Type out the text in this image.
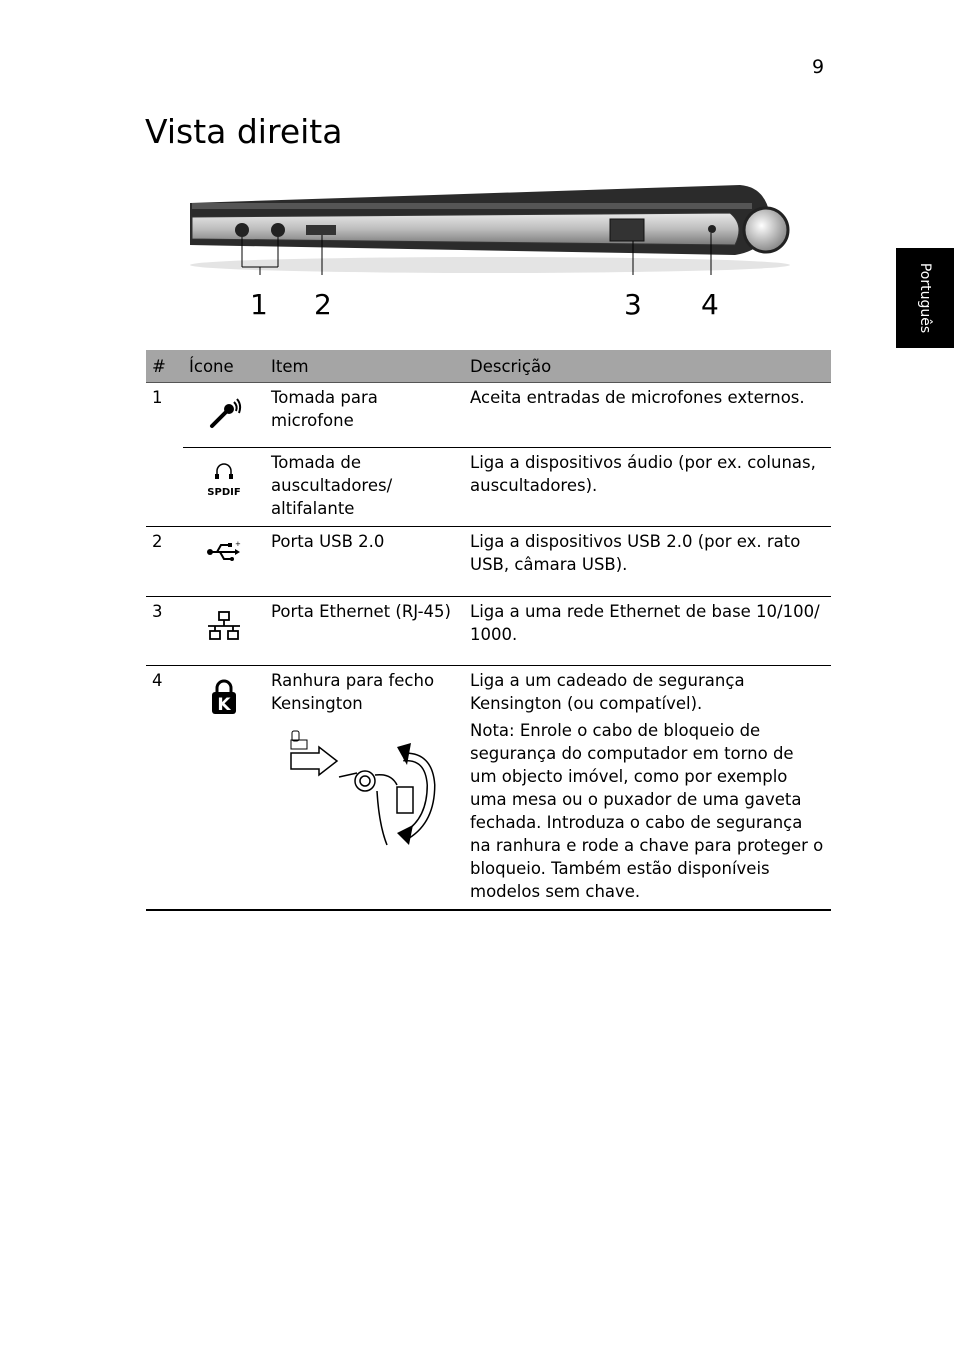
9
Vista direita
Português
1 2	3 4
#	Ícone	Item	Descrição
1		Tomada para microfone	Aceita entradas de microfones externos.

	SPDIF	Tomada de auscultadores/ altifalante	Liga a dispositivos áudio (por ex. colunas, auscultadores).
2	+	Porta USB 2.0	Liga a dispositivos USB 2.0 (por ex. rato USB, câmara USB).
3		Porta Ethernet (RJ-45)	Liga a uma rede Ethernet de base 10/100/ 1000.
4	K	Ranhura para fecho Kensington	Liga a um cadeado de segurança Kensington (ou compatível).

Nota: Enrole o cabo de bloqueio de segurança do computador em torno de um objecto imóvel, como por exemplo uma mesa ou o puxador de uma gaveta fechada. Introduza o cabo de segurança na ranhura e rode a chave para proteger o bloqueio. Também estão disponíveis modelos sem chave.
